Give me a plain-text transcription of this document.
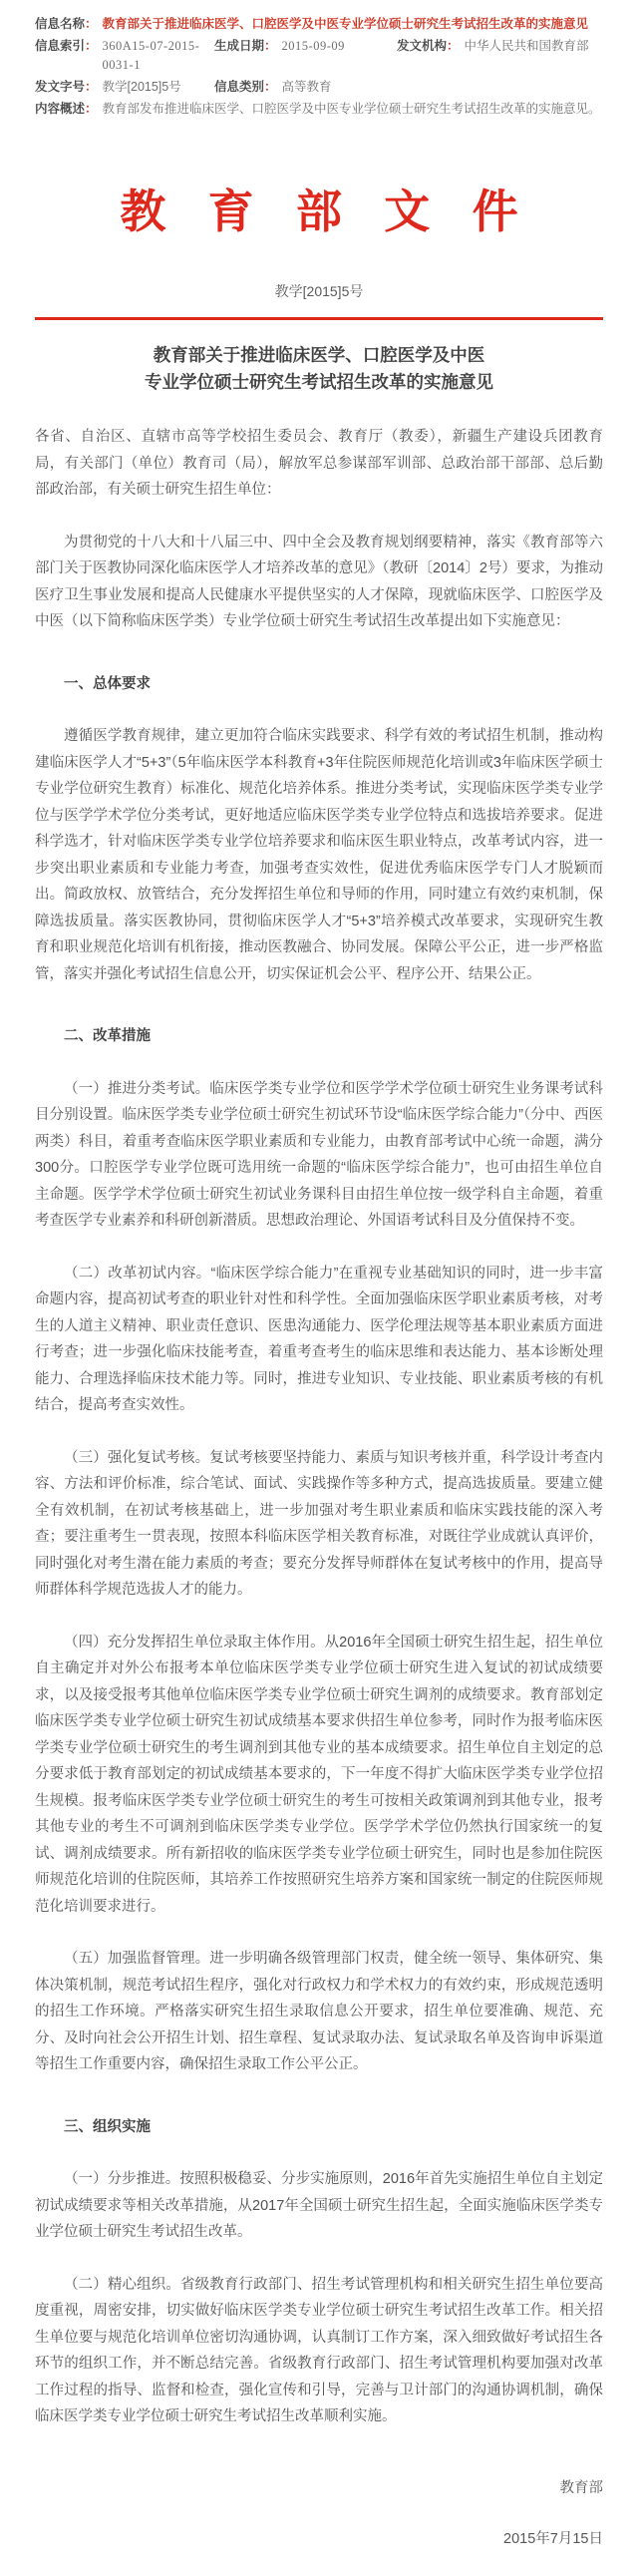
信息名称 ： 教育部关于推进临床医学、口腔医学及中医专业学位硕士研究生考试招生改革的实施意见
信息索引 ： 360A15-07-2015-0031-1
生成日期 ： 2015-09-09	发文机构 ： 中华人民共和国教育部
发文字号 ： 教学[2015]5号	信息类别 ： 高等教育
内容概述 ： 教育部发布推进临床医学、口腔医学及中医专业学位硕士研究生考试招生改革的实施意见。
教育部文件
教学[2015]5号
教育部关于推进临床医学、口腔医学及中医
专业学位硕士研究生考试招生改革的实施意见

各省、自治区、直辖市高等学校招生委员会、教育厅（教委），新疆生产建设兵团教育局，有关部门（单位）教育司（局），解放军总参谋部军训部、总政治部干部部、总后勤部政治部，有关硕士研究生招生单位：

为贯彻党的十八大和十八届三中、四中全会及教育规划纲要精神，落实《教育部等六部门关于医教协同深化临床医学人才培养改革的意见》（教研〔2014〕2号）要求，为推动医疗卫生事业发展和提高人民健康水平提供坚实的人才保障，现就临床医学、口腔医学及中医（以下简称临床医学类）专业学位硕士研究生考试招生改革提出如下实施意见：

一、总体要求

遵循医学教育规律，建立更加符合临床实践要求、科学有效的考试招生机制，推动构建临床医学人才“5+3”（5年临床医学本科教育+3年住院医师规范化培训或3年临床医学硕士专业学位研究生教育）标准化、规范化培养体系。推进分类考试，实现临床医学类专业学位与医学学术学位分类考试，更好地适应临床医学类专业学位特点和选拔培养要求。促进科学选才，针对临床医学类专业学位培养要求和临床医生职业特点，改革考试内容，进一步突出职业素质和专业能力考查，加强考查实效性，促进优秀临床医学专门人才脱颖而出。简政放权、放管结合，充分发挥招生单位和导师的作用，同时建立有效约束机制，保障选拔质量。落实医教协同，贯彻临床医学人才“5+3”培养模式改革要求，实现研究生教育和职业规范化培训有机衔接，推动医教融合、协同发展。保障公平公正，进一步严格监管，落实并强化考试招生信息公开，切实保证机会公平、程序公开、结果公正。

二、改革措施

（一）推进分类考试。临床医学类专业学位和医学学术学位硕士研究生业务课考试科目分别设置。临床医学类专业学位硕士研究生初试环节设“临床医学综合能力”（分中、西医两类）科目，着重考查临床医学职业素质和专业能力，由教育部考试中心统一命题，满分300分。口腔医学专业学位既可选用统一命题的“临床医学综合能力”，也可由招生单位自主命题。医学学术学位硕士研究生初试业务课科目由招生单位按一级学科自主命题，着重考查医学专业素养和科研创新潜质。思想政治理论、外国语考试科目及分值保持不变。

（二）改革初试内容。“临床医学综合能力”在重视专业基础知识的同时，进一步丰富命题内容，提高初试考查的职业针对性和科学性。全面加强临床医学职业素质考核，对考生的人道主义精神、职业责任意识、医患沟通能力、医学伦理法规等基本职业素质方面进行考查；进一步强化临床技能考查，着重考查考生的临床思维和表达能力、基本诊断处理能力、合理选择临床技术能力等。同时，推进专业知识、专业技能、职业素质考核的有机结合，提高考查实效性。

（三）强化复试考核。复试考核要坚持能力、素质与知识考核并重，科学设计考查内容、方法和评价标准，综合笔试、面试、实践操作等多种方式，提高选拔质量。要建立健全有效机制，在初试考核基础上，进一步加强对考生职业素质和临床实践技能的深入考查；要注重考生一贯表现，按照本科临床医学相关教育标准，对既往学业成就认真评价，同时强化对考生潜在能力素质的考查；要充分发挥导师群体在复试考核中的作用，提高导师群体科学规范选拔人才的能力。

（四）充分发挥招生单位录取主体作用。从2016年全国硕士研究生招生起，招生单位自主确定并对外公布报考本单位临床医学类专业学位硕士研究生进入复试的初试成绩要求，以及接受报考其他单位临床医学类专业学位硕士研究生调剂的成绩要求。教育部划定临床医学类专业学位硕士研究生初试成绩基本要求供招生单位参考，同时作为报考临床医学类专业学位硕士研究生的考生调剂到其他专业的基本成绩要求。招生单位自主划定的总分要求低于教育部划定的初试成绩基本要求的，下一年度不得扩大临床医学类专业学位招生规模。报考临床医学类专业学位硕士研究生的考生可按相关政策调剂到其他专业，报考其他专业的考生不可调剂到临床医学类专业学位。医学学术学位仍然执行国家统一的复试、调剂成绩要求。所有新招收的临床医学类专业学位硕士研究生，同时也是参加住院医师规范化培训的住院医师，其培养工作按照研究生培养方案和国家统一制定的住院医师规范化培训要求进行。

（五）加强监督管理。进一步明确各级管理部门权责，健全统一领导、集体研究、集体决策机制，规范考试招生程序，强化对行政权力和学术权力的有效约束，形成规范透明的招生工作环境。严格落实研究生招生录取信息公开要求，招生单位要准确、规范、充分、及时向社会公开招生计划、招生章程、复试录取办法、复试录取名单及咨询申诉渠道等招生工作重要内容，确保招生录取工作公平公正。

三、组织实施

（一）分步推进。按照积极稳妥、分步实施原则，2016年首先实施招生单位自主划定初试成绩要求等相关改革措施，从2017年全国硕士研究生招生起，全面实施临床医学类专业学位硕士研究生考试招生改革。

（二）精心组织。省级教育行政部门、招生考试管理机构和相关研究生招生单位要高度重视，周密安排，切实做好临床医学类专业学位硕士研究生考试招生改革工作。相关招生单位要与规范化培训单位密切沟通协调，认真制订工作方案，深入细致做好考试招生各环节的组织工作，并不断总结完善。省级教育行政部门、招生考试管理机构要加强对改革工作过程的指导、监督和检查，强化宣传和引导，完善与卫计部门的沟通协调机制，确保临床医学类专业学位硕士研究生考试招生改革顺利实施。

教育部
2015年7月15日
